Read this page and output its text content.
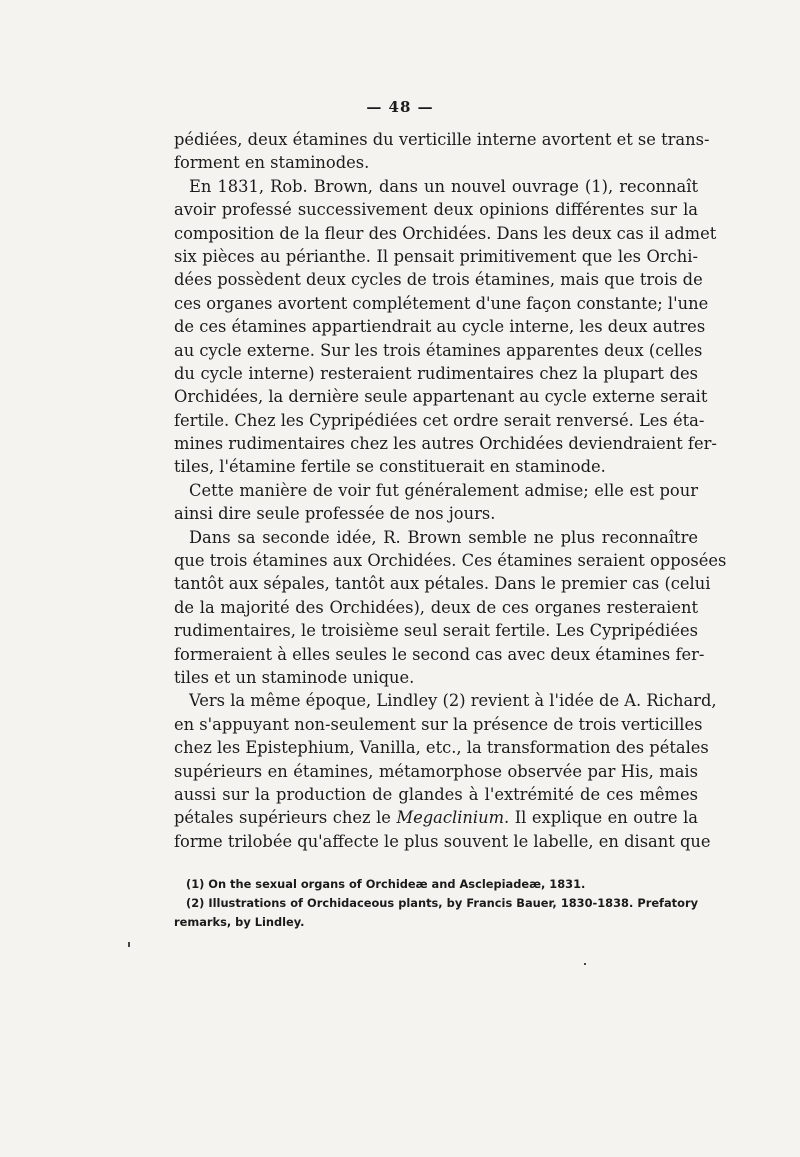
— 48 —
pédiées, deux étamines du verticille interne avortent et se trans-
forment en staminodes.
En 1831, Rob. Brown, dans un nouvel ouvrage (1), reconnaît
avoir professé successivement deux opinions différentes sur la
composition de la fleur des Orchidées. Dans les deux cas il admet
six pièces au périanthe. Il pensait primitivement que les Orchi-
dées possèdent deux cycles de trois étamines, mais que trois de
ces organes avortent complétement d'une façon constante; l'une
de ces étamines appartiendrait au cycle interne, les deux autres
au cycle externe. Sur les trois étamines apparentes deux (celles
du cycle interne) resteraient rudimentaires chez la plupart des
Orchidées, la dernière seule appartenant au cycle externe serait
fertile. Chez les Cypripédiées cet ordre serait renversé. Les éta-
mines rudimentaires chez les autres Orchidées deviendraient fer-
tiles, l'étamine fertile se constituerait en staminode.
Cette manière de voir fut généralement admise; elle est pour
ainsi dire seule professée de nos jours.
Dans sa seconde idée, R. Brown semble ne plus reconnaître
que trois étamines aux Orchidées. Ces étamines seraient opposées
tantôt aux sépales, tantôt aux pétales. Dans le premier cas (celui
de la majorité des Orchidées), deux de ces organes resteraient
rudimentaires, le troisième seul serait fertile. Les Cypripédiées
formeraient à elles seules le second cas avec deux étamines fer-
tiles et un staminode unique.
Vers la même époque, Lindley (2) revient à l'idée de A. Richard,
en s'appuyant non-seulement sur la présence de trois verticilles
chez les Epistephium, Vanilla, etc., la transformation des pétales
supérieurs en étamines, métamorphose observée par His, mais
aussi sur la production de glandes à l'extrémité de ces mêmes
pétales supérieurs chez le Megaclinium. Il explique en outre la
forme trilobée qu'affecte le plus souvent le labelle, en disant que
(1) On the sexual organs of Orchideæ and Asclepiadeæ, 1831.
(2) Illustrations of Orchidaceous plants, by Francis Bauer, 1830-1838. Prefatory
remarks, by Lindley.
